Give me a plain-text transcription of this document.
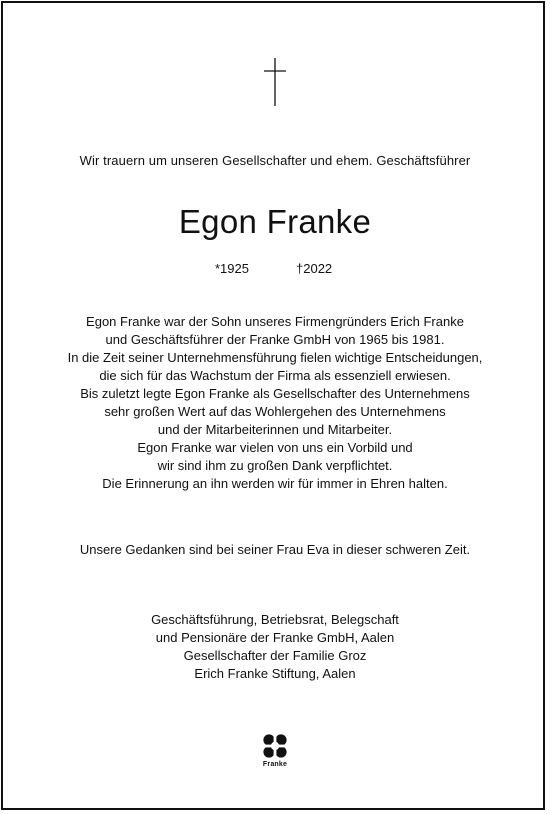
Wir trauern um unseren Gesellschafter und ehem. Geschäftsführer
Egon Franke
*1925	†2022
Egon Franke war der Sohn unseres Firmengründers Erich Franke
und Geschäftsführer der Franke GmbH von 1965 bis 1981.
In die Zeit seiner Unternehmensführung fielen wichtige Entscheidungen,
die sich für das Wachstum der Firma als essenziell erwiesen.
Bis zuletzt legte Egon Franke als Gesellschafter des Unternehmens
sehr großen Wert auf das Wohlergehen des Unternehmens
und der Mitarbeiterinnen und Mitarbeiter.
Egon Franke war vielen von uns ein Vorbild und
wir sind ihm zu großen Dank verpflichtet.
Die Erinnerung an ihn werden wir für immer in Ehren halten.
Unsere Gedanken sind bei seiner Frau Eva in dieser schweren Zeit.
Geschäftsführung, Betriebsrat, Belegschaft
und Pensionäre der Franke GmbH, Aalen
Gesellschafter der Familie Groz
Erich Franke Stiftung, Aalen
Franke
